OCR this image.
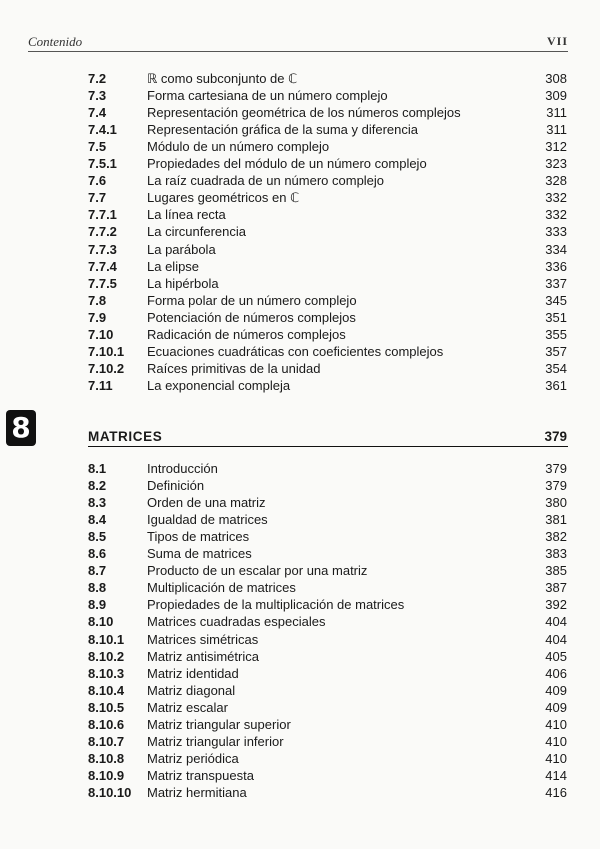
Contenido	VII
7.2	ℝ como subconjunto de ℂ	308
7.3	Forma cartesiana de un número complejo	309
7.4	Representación geométrica de los números complejos	311
7.4.1 Representación gráfica de la suma y diferencia	311
7.5	Módulo de un número complejo	312
7.5.1 Propiedades del módulo de un número complejo	323
7.6	La raíz cuadrada de un número complejo	328
7.7	Lugares geométricos en ℂ	332
7.7.1 La línea recta	332
7.7.2 La circunferencia	333
7.7.3 La parábola	334
7.7.4 La elipse	336
7.7.5 La hipérbola	337
7.8	Forma polar de un número complejo	345
7.9	Potenciación de números complejos	351
7.10	Radicación de números complejos	355
7.10.1 Ecuaciones cuadráticas con coeficientes complejos	357
7.10.2 Raíces primitivas de la unidad	354
7.11	La exponencial compleja	361
8	MATRICES	379
8.1	Introducción	379
8.2	Definición	379
8.3	Orden de una matriz	380
8.4	Igualdad de matrices	381
8.5	Tipos de matrices	382
8.6	Suma de matrices	383
8.7	Producto de un escalar por una matriz	385
8.8	Multiplicación de matrices	387
8.9	Propiedades de la multiplicación de matrices	392
8.10	Matrices cuadradas especiales	404
8.10.1 Matrices simétricas	404
8.10.2 Matriz antisimétrica	405
8.10.3 Matriz identidad	406
8.10.4 Matriz diagonal	409
8.10.5 Matriz escalar	409
8.10.6 Matriz triangular superior	410
8.10.7 Matriz triangular inferior	410
8.10.8 Matriz periódica	410
8.10.9 Matriz transpuesta	414
8.10.10 Matriz hermitiana	416
